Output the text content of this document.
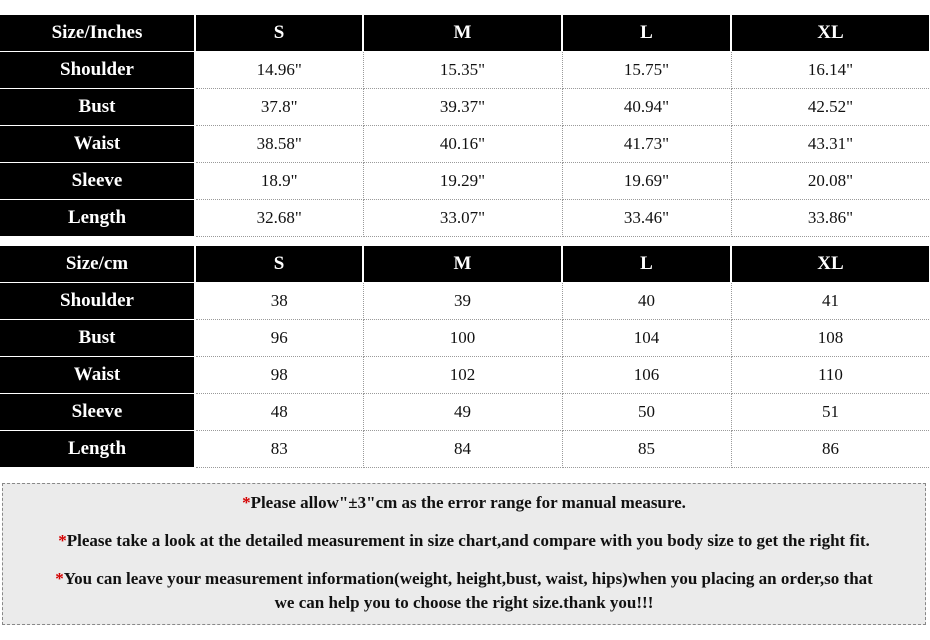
Size/Inches	S	M	L	XL
Shoulder	14.96"	15.35"	15.75"	16.14"
Bust	37.8"	39.37"	40.94"	42.52"
Waist	38.58"	40.16"	41.73"	43.31"
Sleeve	18.9"	19.29"	19.69"	20.08"
Length	32.68"	33.07"	33.46"	33.86"
Size/cm	S	M	L	XL
Shoulder	38	39	40	41
Bust	96	100	104	108
Waist	98	102	106	110
Sleeve	48	49	50	51
Length	83	84	85	86
*Please allow"±3"cm as the error range for manual measure.
*Please take a look at the detailed measurement in size chart,and compare with you body size to get the right fit.
*You can leave your measurement information(weight, height,bust, waist, hips)when you placing an order,so that
we can help you to choose the right size.thank you!!!
